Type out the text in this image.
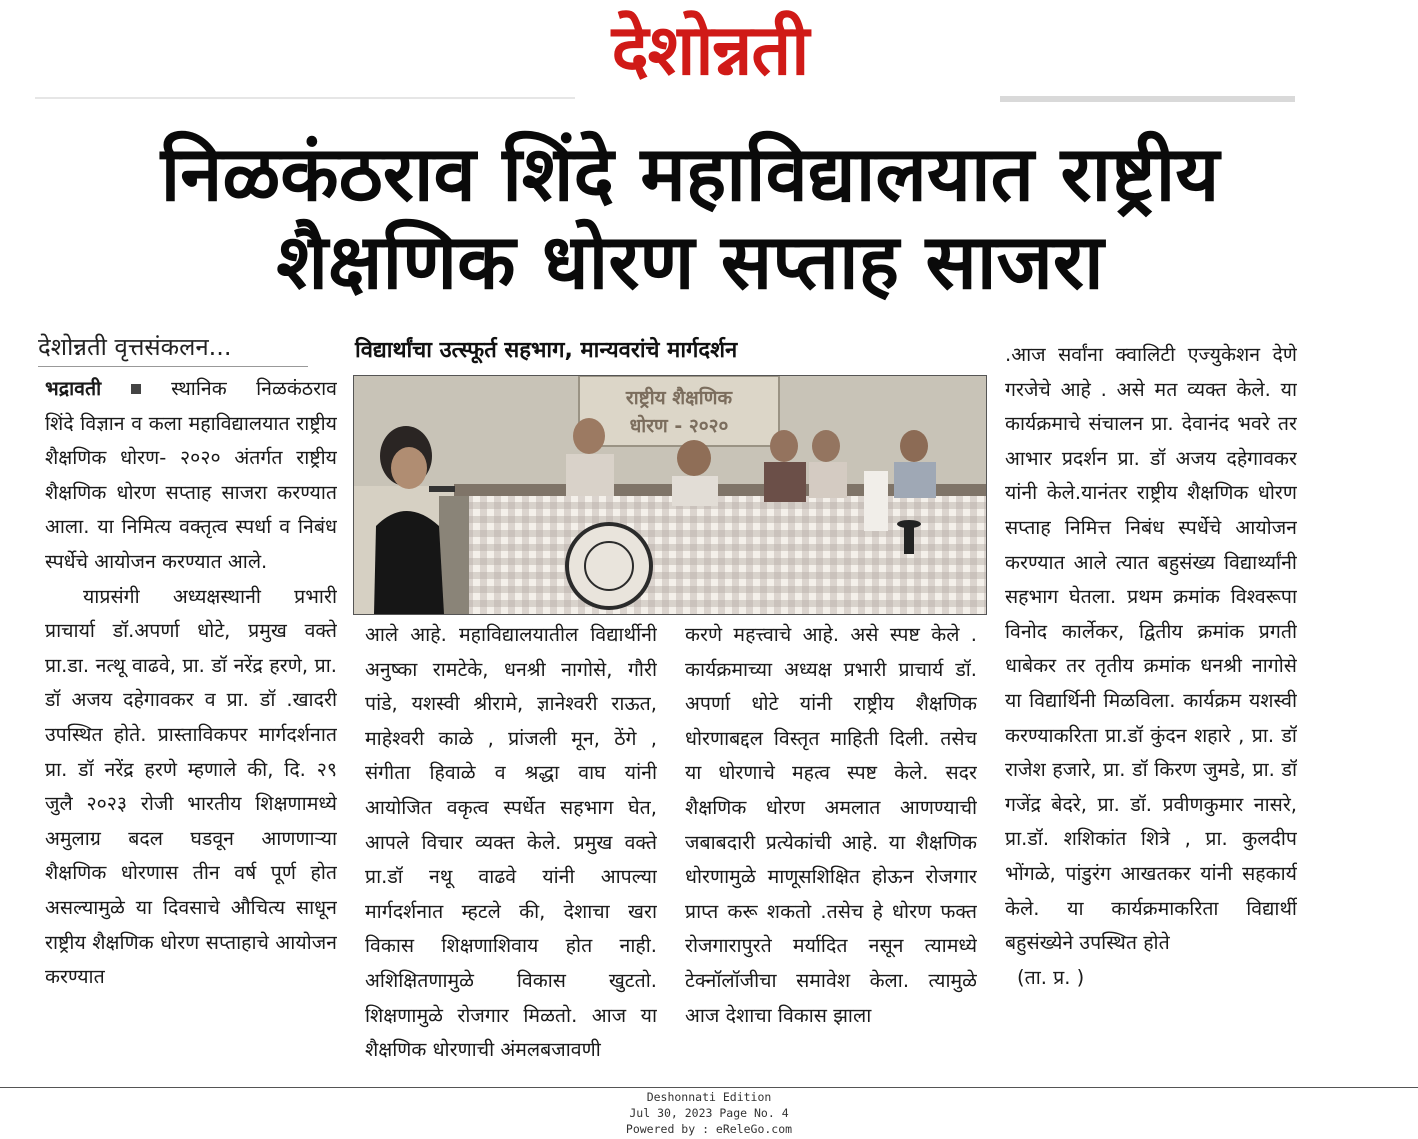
देशोन्नती
निळकंठराव शिंदे महाविद्यालयात राष्ट्रीय
शैक्षणिक धोरण सप्ताह साजरा
देशोन्नती वृत्तसंकलन...	विद्यार्थांचा उत्स्फूर्त सहभाग, मान्यवरांचे मार्गदर्शन

भद्रावती	स्थानिक निळकंठराव शिंदे विज्ञान व कला महाविद्यालयात राष्ट्रीय शैक्षणिक धोरण- २०२० अंतर्गत राष्ट्रीय शैक्षणिक धोरण सप्ताह साजरा करण्यात आला. या निमित्य वक्तृत्व स्पर्धा व निबंध स्पर्धेचे आयोजन करण्यात आले.

याप्रसंगी अध्यक्षस्थानी प्रभारी प्राचार्या डॉ.अपर्णा धोटे, प्रमुख वक्ते प्रा.डा. नत्थू वाढवे, प्रा. डॉ नरेंद्र हरणे, प्रा. डॉ अजय दहेगावकर व प्रा. डॉ .खादरी उपस्थित होते. प्रास्ताविकपर मार्गदर्शनात प्रा. डॉ नरेंद्र हरणे म्हणाले की, दि. २९ जुलै २०२३ रोजी भारतीय शिक्षणामध्ये अमुलाग्र बदल घडवून आणणाऱ्या शैक्षणिक धोरणास तीन वर्ष पूर्ण होत असल्यामुळे या दिवसाचे औचित्य साधून राष्ट्रीय शैक्षणिक धोरण सप्ताहाचे आयोजन करण्यात

राष्ट्रीय शैक्षणिक
धोरण - २०२०

आले आहे. महाविद्यालयातील विद्यार्थीनी अनुष्का रामटेके, धनश्री नागोसे, गौरी पांडे, यशस्वी श्रीरामे, ज्ञानेश्वरी राऊत, माहेश्वरी काळे , प्रांजली मून, ठेंगे , संगीता हिवाळे व श्रद्धा वाघ यांनी आयोजित वकृत्व स्पर्धेत सहभाग घेत, आपले विचार व्यक्त केले. प्रमुख वक्ते प्रा.डॉ नथू वाढवे यांनी आपल्या मार्गदर्शनात म्हटले की, देशाचा खरा विकास शिक्षणाशिवाय होत नाही. अशिक्षितणामुळे विकास खुटतो. शिक्षणामुळे रोजगार मिळतो. आज या शैक्षणिक धोरणाची अंमलबजावणी

करणे महत्त्वाचे आहे. असे स्पष्ट केले . कार्यक्रमाच्या अध्यक्ष प्रभारी प्राचार्य डॉ. अपर्णा धोटे यांनी राष्ट्रीय शैक्षणिक धोरणाबद्दल विस्तृत माहिती दिली. तसेच या धोरणाचे महत्व स्पष्ट केले. सदर शैक्षणिक धोरण अमलात आणण्याची जबाबदारी प्रत्येकांची आहे. या शैक्षणिक धोरणामुळे माणूसशिक्षित होऊन रोजगार प्राप्त करू शकतो .तसेच हे धोरण फक्त रोजगारापुरते मर्यादित नसून त्यामध्ये टेक्नॉलॉजीचा समावेश केला. त्यामुळे आज देशाचा विकास झाला

.आज सर्वांना क्वालिटी एज्युकेशन देणे गरजेचे आहे . असे मत व्यक्त केले. या कार्यक्रमाचे संचालन प्रा. देवानंद भवरे तर आभार प्रदर्शन प्रा. डॉ अजय दहेगावकर यांनी केले.यानंतर राष्ट्रीय शैक्षणिक धोरण सप्ताह निमित्त निबंध स्पर्धेचे आयोजन करण्यात आले त्यात बहुसंख्य विद्यार्थ्यांनी सहभाग घेतला. प्रथम क्रमांक विश्वरूपा विनोद कार्लेकर, द्वितीय क्रमांक प्रगती धाबेकर तर तृतीय क्रमांक धनश्री नागोसे या विद्यार्थिनी मिळविला. कार्यक्रम यशस्वी करण्याकरिता प्रा.डॉ कुंदन शहारे , प्रा. डॉ राजेश हजारे, प्रा. डॉ किरण जुमडे, प्रा. डॉ गजेंद्र बेदरे, प्रा. डॉ. प्रवीणकुमार नासरे, प्रा.डॉ. शशिकांत शित्रे , प्रा. कुलदीप भोंगळे, पांडुरंग आखतकर यांनी सहकार्य केले. या कार्यक्रमाकरिता विद्यार्थी बहुसंख्येने उपस्थित होते

(ता. प्र. )

Deshonnati Edition
Jul 30, 2023 Page No. 4
Powered by : eReleGo.com
